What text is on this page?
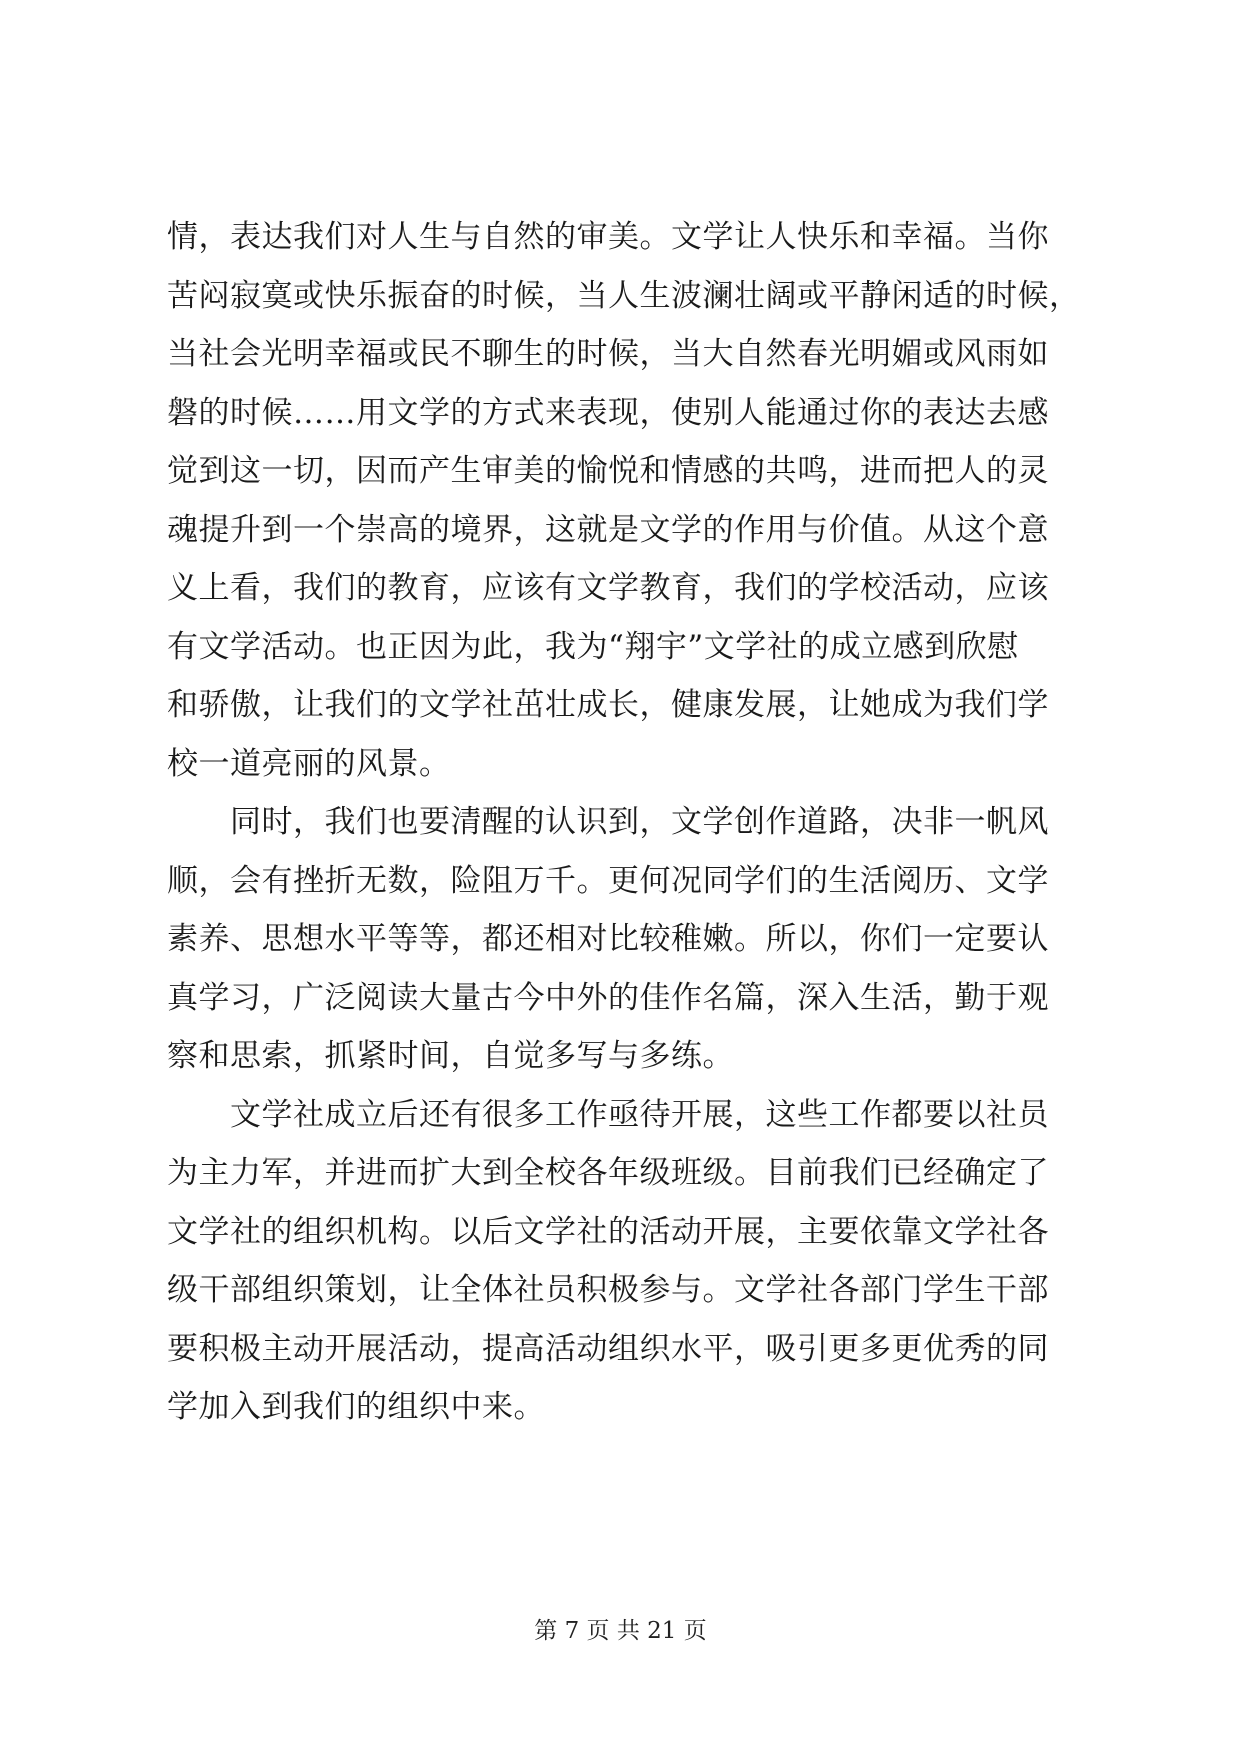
情，表达我们对人生与自然的审美。文学让人快乐和幸福。当你
苦闷寂寞或快乐振奋的时候，当人生波澜壮阔或平静闲适的时候，
当社会光明幸福或民不聊生的时候，当大自然春光明媚或风雨如
磐的时候……用文学的方式来表现，使别人能通过你的表达去感
觉到这一切，因而产生审美的愉悦和情感的共鸣，进而把人的灵
魂提升到一个崇高的境界，这就是文学的作用与价值。从这个意
义上看，我们的教育，应该有文学教育，我们的学校活动，应该
有文学活动。也正因为此，我为“翔宇”文学社的成立感到欣慰
和骄傲，让我们的文学社茁壮成长，健康发展，让她成为我们学
校一道亮丽的风景。
　　同时，我们也要清醒的认识到，文学创作道路，决非一帆风
顺，会有挫折无数，险阻万千。更何况同学们的生活阅历、文学
素养、思想水平等等，都还相对比较稚嫩。所以，你们一定要认
真学习，广泛阅读大量古今中外的佳作名篇，深入生活，勤于观
察和思索，抓紧时间，自觉多写与多练。
　　文学社成立后还有很多工作亟待开展，这些工作都要以社员
为主力军，并进而扩大到全校各年级班级。目前我们已经确定了
文学社的组织机构。以后文学社的活动开展，主要依靠文学社各
级干部组织策划，让全体社员积极参与。文学社各部门学生干部
要积极主动开展活动，提高活动组织水平，吸引更多更优秀的同
学加入到我们的组织中来。
第 7 页 共 21 页
